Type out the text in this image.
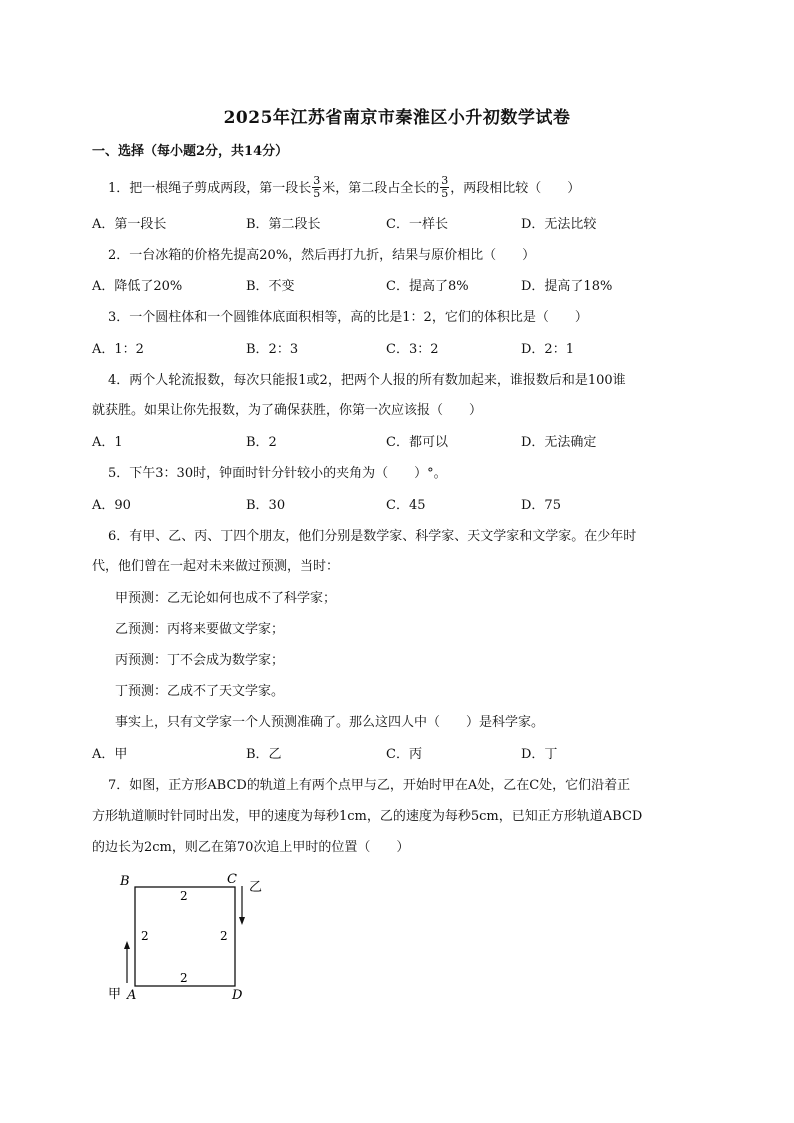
2025年江苏省南京市秦淮区小升初数学试卷
一、选择（每小题2分，共14分）
1．把一根绳子剪成两段，第一段长 $\frac{3}{5}$ 米，第二段占全长的 $\frac{3}{5}$ ，两段相比较（　　）
A．第一段长	B．第二段长	C．一样长	D．无法比较
2．一台冰箱的价格先提高20%，然后再打九折，结果与原价相比（　　）
A．降低了20%	B．不变	C．提高了8%	D．提高了18%
3．一个圆柱体和一个圆锥体底面积相等，高的比是1：2，它们的体积比是（　　）
A．1：2	B．2：3	C．3：2	D．2：1
4．两个人轮流报数，每次只能报1或2，把两个人报的所有数加起来，谁报数后和是100谁
就获胜。如果让你先报数，为了确保获胜，你第一次应该报（　　）
A．1	B．2	C．都可以	D．无法确定
5．下午3：30时，钟面时针分针较小的夹角为（　　）°。
A．90	B．30	C．45	D．75
6．有甲、乙、丙、丁四个朋友，他们分别是数学家、科学家、天文学家和文学家。在少年时
代，他们曾在一起对未来做过预测，当时：
甲预测：乙无论如何也成不了科学家；
乙预测：丙将来要做文学家；
丙预测：丁不会成为数学家；
丁预测：乙成不了天文学家。
事实上，只有文学家一个人预测准确了。那么这四人中（　　）是科学家。
A．甲	B．乙	C．丙	D．丁
7．如图，正方形ABCD的轨道上有两个点甲与乙，开始时甲在A处，乙在C处，它们沿着正
方形轨道顺时针同时出发，甲的速度为每秒1cm，乙的速度为每秒5cm，已知正方形轨道ABCD
的边长为2cm，则乙在第70次追上甲时的位置（　　）
B	C
乙
甲 A	D
2
2
2	2
